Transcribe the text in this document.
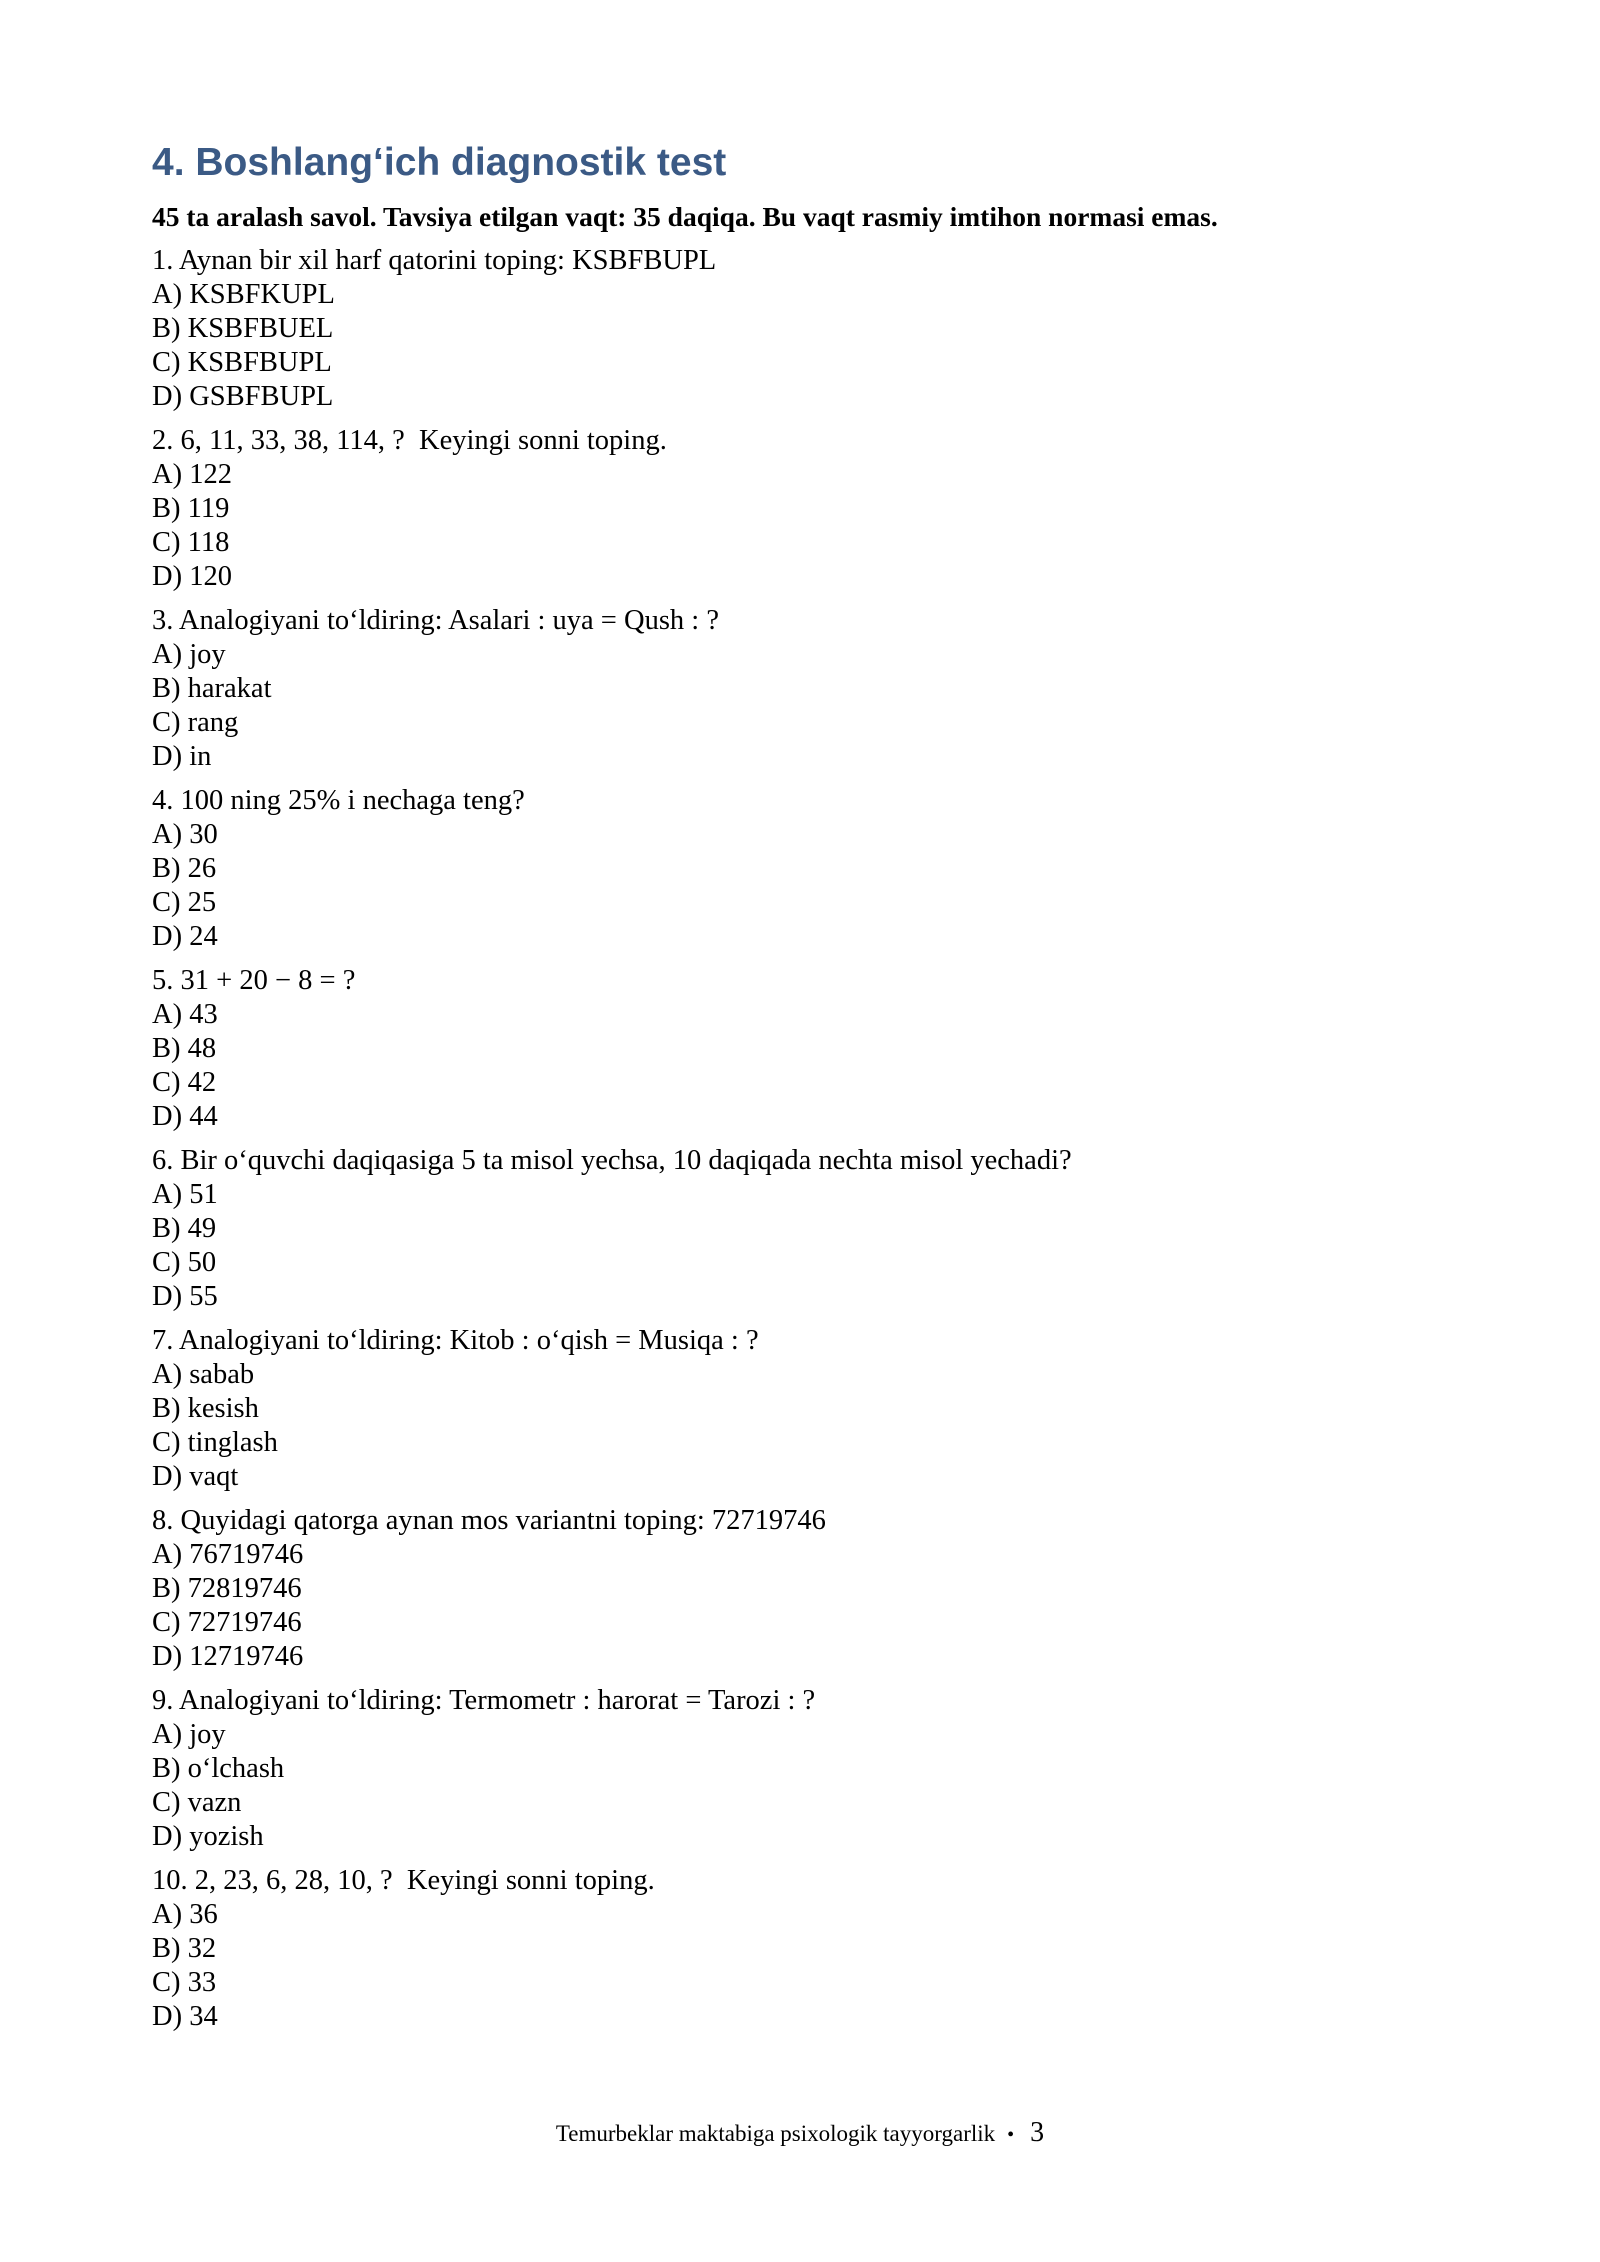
4. Boshlang‘ich diagnostik test

45 ta aralash savol. Tavsiya etilgan vaqt: 35 daqiqa. Bu vaqt rasmiy imtihon normasi emas.

1. Aynan bir xil harf qatorini toping: KSBFBUPL
A) KSBFKUPL
B) KSBFBUEL
C) KSBFBUPL
D) GSBFBUPL
2. 6, 11, 33, 38, 114, ?  Keyingi sonni toping.
A) 122
B) 119
C) 118
D) 120
3. Analogiyani to‘ldiring: Asalari : uya = Qush : ?
A) joy
B) harakat
C) rang
D) in
4. 100 ning 25% i nechaga teng?
A) 30
B) 26
C) 25
D) 24
5. 31 + 20 − 8 = ?
A) 43
B) 48
C) 42
D) 44
6. Bir o‘quvchi daqiqasiga 5 ta misol yechsa, 10 daqiqada nechta misol yechadi?
A) 51
B) 49
C) 50
D) 55
7. Analogiyani to‘ldiring: Kitob : o‘qish = Musiqa : ?
A) sabab
B) kesish
C) tinglash
D) vaqt
8. Quyidagi qatorga aynan mos variantni toping: 72719746
A) 76719746
B) 72819746
C) 72719746
D) 12719746
9. Analogiyani to‘ldiring: Termometr : harorat = Tarozi : ?
A) joy
B) o‘lchash
C) vazn
D) yozish
10. 2, 23, 6, 28, 10, ?  Keyingi sonni toping.
A) 36
B) 32
C) 33
D) 34
Temurbeklar maktabiga psixologik tayyorgarlik • 3
